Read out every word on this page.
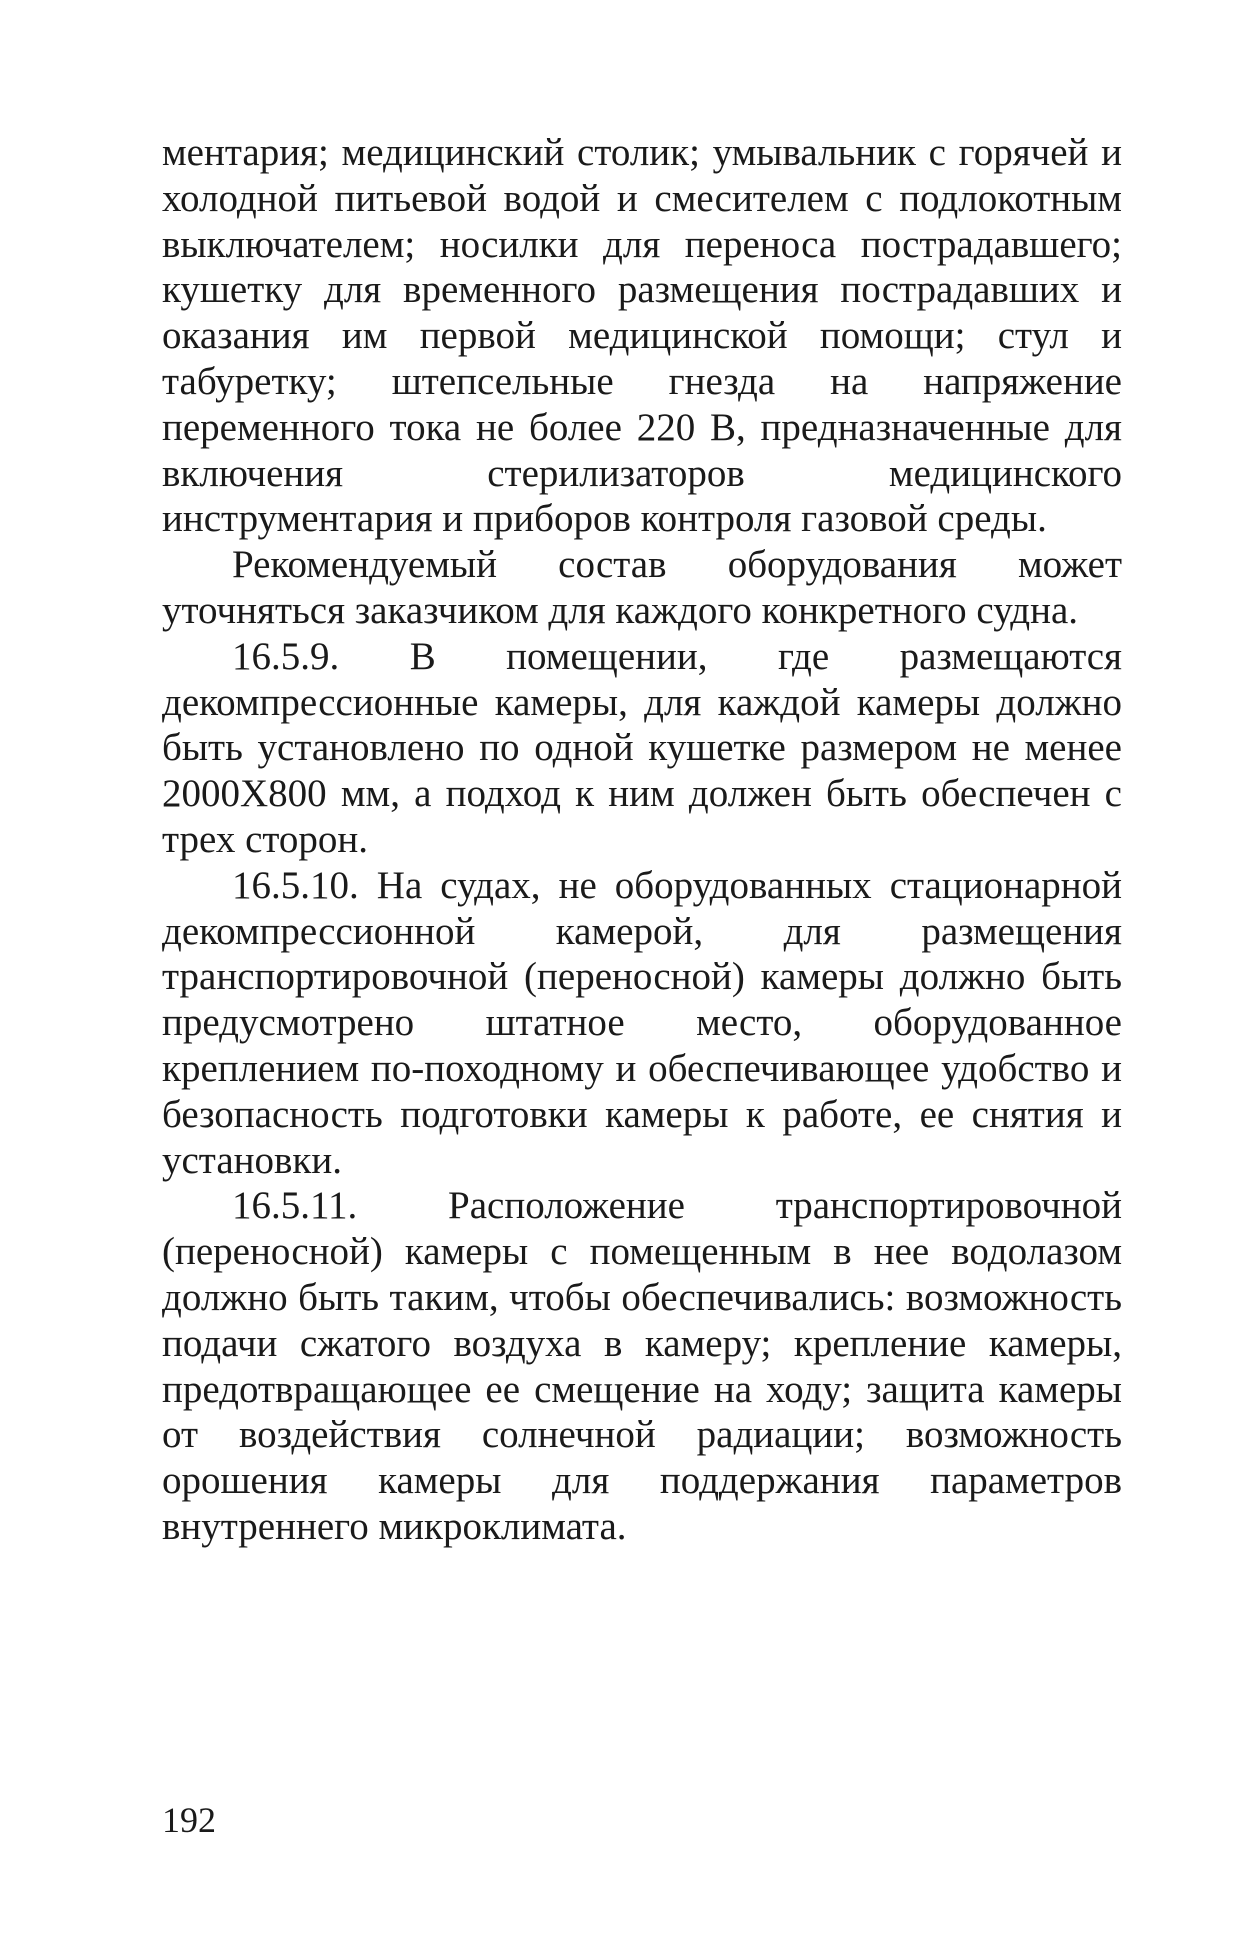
ментария; медицинский столик; умывальник с горячей и холодной питьевой водой и смесителем с подлокотным выключателем; носилки для переноса пострадавшего; кушетку для временного размещения пострадавших и оказания им первой медицинской помощи; стул и табуретку; штепсельные гнезда на напряжение переменного тока не более 220 В, предназначенные для включения стерилизаторов медицинского инструментария и приборов контроля газовой среды.

Рекомендуемый состав оборудования может уточняться заказчиком для каждого конкретного судна.

16.5.9. В помещении, где размещаются декомпрессионные камеры, для каждой камеры должно быть установлено по одной кушетке размером не менее 2000Х800 мм, а подход к ним должен быть обеспечен с трех сторон.

16.5.10. На судах, не оборудованных стационарной декомпрессионной камерой, для размещения транспортировочной (переносной) камеры должно быть предусмотрено штатное место, оборудованное креплением по-походному и обеспечивающее удобство и безопасность подготовки камеры к работе, ее снятия и установки.

16.5.11. Расположение транспортировочной (переносной) камеры с помещенным в нее водолазом должно быть таким, чтобы обеспечивались: возможность подачи сжатого воздуха в камеру; крепление камеры, предотвращающее ее смещение на ходу; защита камеры от воздействия солнечной радиации; возможность орошения камеры для поддержания параметров внутреннего микроклимата.

192
